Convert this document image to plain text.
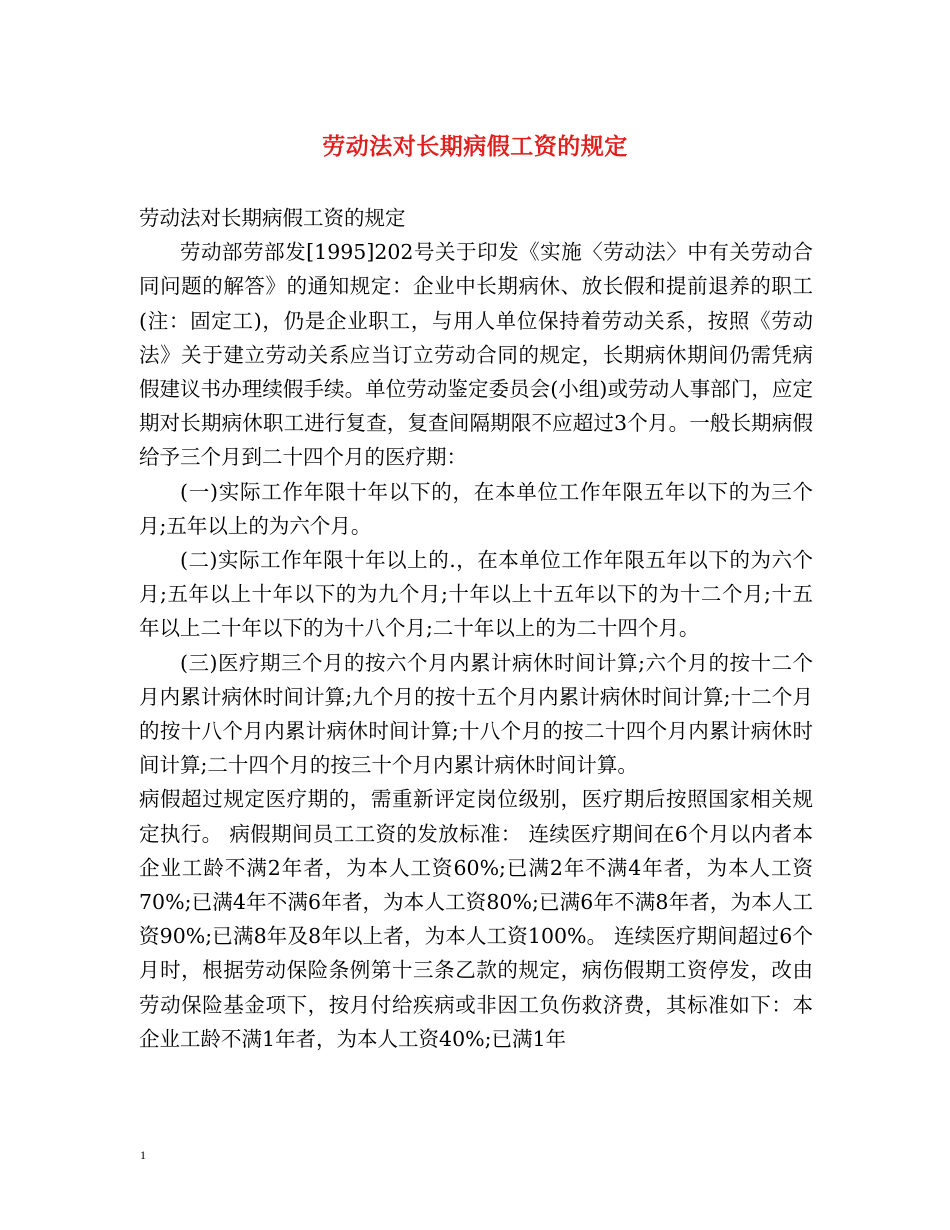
劳动法对长期病假工资的规定

劳动法对长期病假工资的规定

劳动部劳部发[1995]202号关于印发《实施〈劳动法〉中有关劳动合同问题的解答》的通知规定：企业中长期病休、放长假和提前退养的职工(注：固定工)，仍是企业职工，与用人单位保持着劳动关系，按照《劳动法》关于建立劳动关系应当订立劳动合同的规定，长期病休期间仍需凭病假建议书办理续假手续。单位劳动鉴定委员会(小组)或劳动人事部门，应定期对长期病休职工进行复查，复查间隔期限不应超过3个月。一般长期病假给予三个月到二十四个月的医疗期：

(一)实际工作年限十年以下的，在本单位工作年限五年以下的为三个月;五年以上的为六个月。

(二)实际工作年限十年以上的.，在本单位工作年限五年以下的为六个月;五年以上十年以下的为九个月;十年以上十五年以下的为十二个月;十五年以上二十年以下的为十八个月;二十年以上的为二十四个月。

(三)医疗期三个月的按六个月内累计病休时间计算;六个月的按十二个月内累计病休时间计算;九个月的按十五个月内累计病休时间计算;十二个月的按十八个月内累计病休时间计算;十八个月的按二十四个月内累计病休时间计算;二十四个月的按三十个月内累计病休时间计算。

病假超过规定医疗期的，需重新评定岗位级别，医疗期后按照国家相关规定执行。 病假期间员工工资的发放标准： 连续医疗期间在6个月以内者本企业工龄不满2年者，为本人工资60%;已满2年不满4年者，为本人工资70%;已满4年不满6年者，为本人工资80%;已满6年不满8年者，为本人工资90%;已满8年及8年以上者，为本人工资100%。 连续医疗期间超过6个月时，根据劳动保险条例第十三条乙款的规定，病伤假期工资停发，改由劳动保险基金项下，按月付给疾病或非因工负伤救济费，其标准如下：本企业工龄不满1年者，为本人工资40%;已满1年

1
